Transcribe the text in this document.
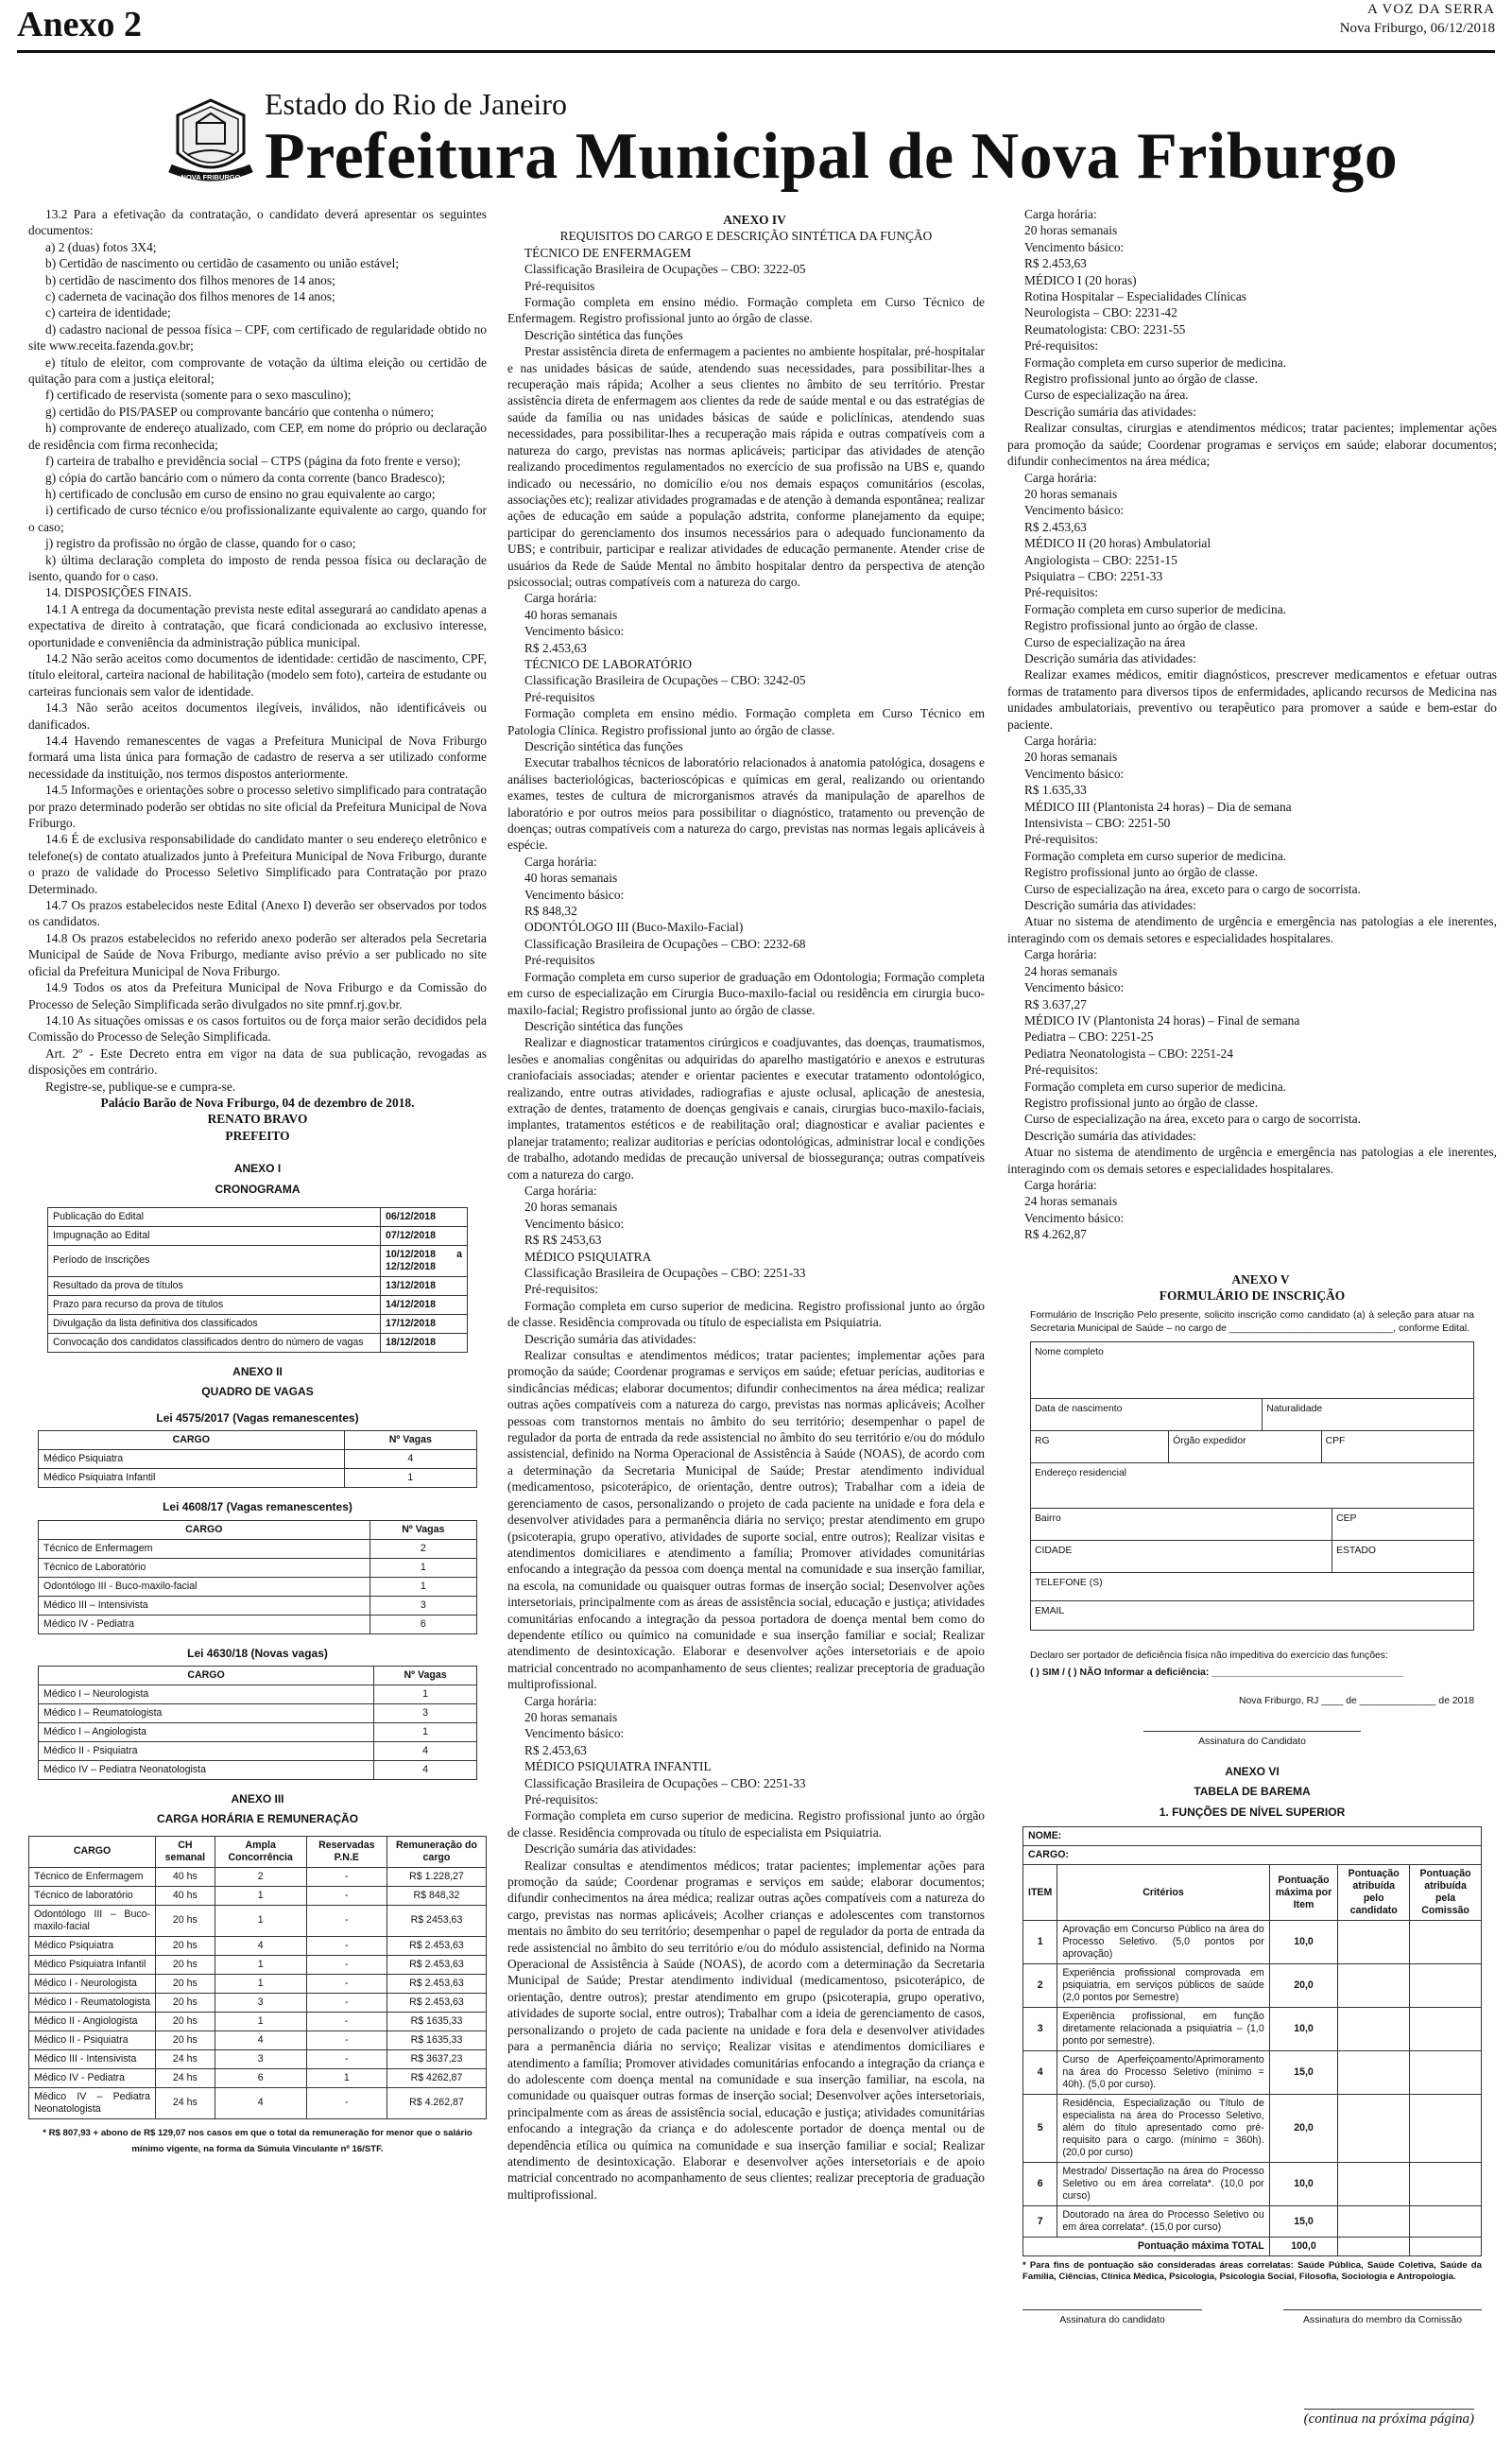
Anexo 2	A VOZ DA SERRA
Nova Friburgo, 06/12/2018
NOVA FRIBURGO
Estado do Rio de Janeiro
Prefeitura Municipal de Nova Friburgo

13.2 Para a efetivação da contratação, o candidato deverá apresentar os seguintes documentos:

a) 2 (duas) fotos 3X4;

b) Certidão de nascimento ou certidão de casamento ou união estável;

b) certidão de nascimento dos filhos menores de 14 anos;

c) caderneta de vacinação dos filhos menores de 14 anos;

c) carteira de identidade;

d) cadastro nacional de pessoa física – CPF, com certificado de regularidade obtido no site www.receita.fazenda.gov.br;

e) título de eleitor, com comprovante de votação da última eleição ou certidão de quitação para com a justiça eleitoral;

f) certificado de reservista (somente para o sexo masculino);

g) certidão do PIS/PASEP ou comprovante bancário que contenha o número;

h) comprovante de endereço atualizado, com CEP, em nome do próprio ou declaração de residência com firma reconhecida;

f) carteira de trabalho e previdência social – CTPS (página da foto frente e verso);

g) cópia do cartão bancário com o número da conta corrente (banco Bradesco);

h) certificado de conclusão em curso de ensino no grau equivalente ao cargo;

i) certificado de curso técnico e/ou profissionalizante equivalente ao cargo, quando for o caso;

j) registro da profissão no órgão de classe, quando for o caso;

k) última declaração completa do imposto de renda pessoa física ou declaração de isento, quando for o caso.

14. DISPOSIÇÕES FINAIS.

14.1 A entrega da documentação prevista neste edital assegurará ao candidato apenas a expectativa de direito à contratação, que ficará condicionada ao exclusivo interesse, oportunidade e conveniência da administração pública municipal.

14.2 Não serão aceitos como documentos de identidade: certidão de nascimento, CPF, título eleitoral, carteira nacional de habilitação (modelo sem foto), carteira de estudante ou carteiras funcionais sem valor de identidade.

14.3 Não serão aceitos documentos ilegíveis, inválidos, não identificáveis ou danificados.

14.4 Havendo remanescentes de vagas a Prefeitura Municipal de Nova Friburgo formará uma lista única para formação de cadastro de reserva a ser utilizado conforme necessidade da instituição, nos termos dispostos anteriormente.

14.5 Informações e orientações sobre o processo seletivo simplificado para contratação por prazo determinado poderão ser obtidas no site oficial da Prefeitura Municipal de Nova Friburgo.

14.6 É de exclusiva responsabilidade do candidato manter o seu endereço eletrônico e telefone(s) de contato atualizados junto à Prefeitura Municipal de Nova Friburgo, durante o prazo de validade do Processo Seletivo Simplificado para Contratação por prazo Determinado.

14.7 Os prazos estabelecidos neste Edital (Anexo I) deverão ser observados por todos os candidatos.

14.8 Os prazos estabelecidos no referido anexo poderão ser alterados pela Secretaria Municipal de Saúde de Nova Friburgo, mediante aviso prévio a ser publicado no site oficial da Prefeitura Municipal de Nova Friburgo.

14.9 Todos os atos da Prefeitura Municipal de Nova Friburgo e da Comissão do Processo de Seleção Simplificada serão divulgados no site pmnf.rj.gov.br.

14.10 As situações omissas e os casos fortuitos ou de força maior serão decididos pela Comissão do Processo de Seleção Simplificada.

Art. 2º - Este Decreto entra em vigor na data de sua publicação, revogadas as disposições em contrário.

Registre-se, publique-se e cumpra-se.

Palácio Barão de Nova Friburgo, 04 de dezembro de 2018.

RENATO BRAVO

PREFEITO

ANEXO I
CRONOGRAMA
Publicação do Edital	06/12/2018
Impugnação ao Edital	07/12/2018
Período de Inscrições	10/12/2018 a 12/12/2018
Resultado da prova de títulos	13/12/2018
Prazo para recurso da prova de títulos	14/12/2018
Divulgação da lista definitiva dos classificados	17/12/2018
Convocação dos candidatos classificados dentro do número de vagas	18/12/2018
ANEXO II
QUADRO DE VAGAS
Lei 4575/2017 (Vagas remanescentes)
CARGO	Nº Vagas
Médico Psiquiatra	4
Médico Psiquiatra Infantil	1
Lei 4608/17 (Vagas remanescentes)
CARGO	Nº Vagas
Técnico de Enfermagem	2
Técnico de Laboratório	1
Odontólogo III - Buco-maxilo-facial	1
Médico III – Intensivista	3
Médico IV - Pediatra	6
Lei 4630/18 (Novas vagas)
CARGO	Nº Vagas
Médico I – Neurologista	1
Médico I – Reumatologista	3
Médico I – Angiologista	1
Médico II - Psiquiatra	4
Médico IV – Pediatra Neonatologista	4
ANEXO III
CARGA HORÁRIA E REMUNERAÇÃO
CARGO	CH semanal	Ampla Concorrência	Reservadas P.N.E	Remuneração do cargo
Técnico de Enfermagem	40 hs	2	-	R$ 1.228,27
Técnico de laboratório	40 hs	1	-	R$ 848,32
Odontólogo III – Buco-maxilo-facial	20 hs	1	-	R$ 2453,63
Médico Psiquiatra	20 hs	4	-	R$ 2.453,63
Médico Psiquiatra Infantil	20 hs	1	-	R$ 2.453,63
Médico I - Neurologista	20 hs	1	-	R$ 2.453,63
Médico I - Reumatologista	20 hs	3	-	R$ 2.453,63
Médico II - Angiologista	20 hs	1	-	R$ 1635,33
Médico II - Psiquiatra	20 hs	4	-	R$ 1635,33
Médico III - Intensivista	24 hs	3	-	R$ 3637,23
Médico IV - Pediatra	24 hs	6	1	R$ 4262,87
Médico IV – Pediatra Neonatologista	24 hs	4	-	R$ 4.262,87

* R$ 807,93 + abono de R$ 129,07 nos casos em que o total da remuneração for menor que o salário mínimo vigente, na forma da Súmula Vinculante nº 16/STF.

ANEXO IV

REQUISITOS DO CARGO E DESCRIÇÃO SINTÉTICA DA FUNÇÃO

TÉCNICO DE ENFERMAGEM

Classificação Brasileira de Ocupações – CBO: 3222-05

Pré-requisitos

Formação completa em ensino médio. Formação completa em Curso Técnico de Enfermagem. Registro profissional junto ao órgão de classe.

Descrição sintética das funções

Prestar assistência direta de enfermagem a pacientes no ambiente hospitalar, pré-hospitalar e nas unidades básicas de saúde, atendendo suas necessidades, para possibilitar-lhes a recuperação mais rápida; Acolher a seus clientes no âmbito de seu território. Prestar assistência direta de enfermagem aos clientes da rede de saúde mental e ou das estratégias de saúde da família ou nas unidades básicas de saúde e policlínicas, atendendo suas necessidades, para possibilitar-lhes a recuperação mais rápida e outras compatíveis com a natureza do cargo, previstas nas normas aplicáveis; participar das atividades de atenção realizando procedimentos regulamentados no exercício de sua profissão na UBS e, quando indicado ou necessário, no domicílio e/ou nos demais espaços comunitários (escolas, associações etc); realizar atividades programadas e de atenção à demanda espontânea; realizar ações de educação em saúde a população adstrita, conforme planejamento da equipe; participar do gerenciamento dos insumos necessários para o adequado funcionamento da UBS; e contribuir, participar e realizar atividades de educação permanente. Atender crise de usuários da Rede de Saúde Mental no âmbito hospitalar dentro da perspectiva de atenção psicossocial; outras compatíveis com a natureza do cargo.

Carga horária:

40 horas semanais

Vencimento básico:

R$ 2.453,63

TÉCNICO DE LABORATÓRIO

Classificação Brasileira de Ocupações – CBO: 3242-05

Pré-requisitos

Formação completa em ensino médio. Formação completa em Curso Técnico em Patologia Clínica. Registro profissional junto ao órgão de classe.

Descrição sintética das funções

Executar trabalhos técnicos de laboratório relacionados à anatomia patológica, dosagens e análises bacteriológicas, bacterioscópicas e químicas em geral, realizando ou orientando exames, testes de cultura de microrganismos através da manipulação de aparelhos de laboratório e por outros meios para possibilitar o diagnóstico, tratamento ou prevenção de doenças; outras compatíveis com a natureza do cargo, previstas nas normas legais aplicáveis à espécie.

Carga horária:

40 horas semanais

Vencimento básico:

R$ 848,32

ODONTÓLOGO III (Buco-Maxilo-Facial)

Classificação Brasileira de Ocupações – CBO: 2232-68

Pré-requisitos

Formação completa em curso superior de graduação em Odontologia; Formação completa em curso de especialização em Cirurgia Buco-maxilo-facial ou residência em cirurgia buco-maxilo-facial; Registro profissional junto ao órgão de classe.

Descrição sintética das funções

Realizar e diagnosticar tratamentos cirúrgicos e coadjuvantes, das doenças, traumatismos, lesões e anomalias congênitas ou adquiridas do aparelho mastigatório e anexos e estruturas craniofaciais associadas; atender e orientar pacientes e executar tratamento odontológico, realizando, entre outras atividades, radiografias e ajuste oclusal, aplicação de anestesia, extração de dentes, tratamento de doenças gengivais e canais, cirurgias buco-maxilo-faciais, implantes, tratamentos estéticos e de reabilitação oral; diagnosticar e avaliar pacientes e planejar tratamento; realizar auditorias e perícias odontológicas, administrar local e condições de trabalho, adotando medidas de precaução universal de biossegurança; outras compatíveis com a natureza do cargo.

Carga horária:

20 horas semanais

Vencimento básico:

R$ R$ 2453,63

MÉDICO PSIQUIATRA

Classificação Brasileira de Ocupações – CBO: 2251-33

Pré-requisitos:

Formação completa em curso superior de medicina. Registro profissional junto ao órgão de classe. Residência comprovada ou título de especialista em Psiquiatria.

Descrição sumária das atividades:

Realizar consultas e atendimentos médicos; tratar pacientes; implementar ações para promoção da saúde; Coordenar programas e serviços em saúde; efetuar perícias, auditorias e sindicâncias médicas; elaborar documentos; difundir conhecimentos na área médica; realizar outras ações compatíveis com a natureza do cargo, previstas nas normas aplicáveis; Acolher pessoas com transtornos mentais no âmbito do seu território; desempenhar o papel de regulador da porta de entrada da rede assistencial no âmbito do seu território e/ou do módulo assistencial, definido na Norma Operacional de Assistência à Saúde (NOAS), de acordo com a determinação da Secretaria Municipal de Saúde; Prestar atendimento individual (medicamentoso, psicoterápico, de orientação, dentre outros); Trabalhar com a ideia de gerenciamento de casos, personalizando o projeto de cada paciente na unidade e fora dela e desenvolver atividades para a permanência diária no serviço; prestar atendimento em grupo (psicoterapia, grupo operativo, atividades de suporte social, entre outros); Realizar visitas e atendimentos domiciliares e atendimento a família; Promover atividades comunitárias enfocando a integração da pessoa com doença mental na comunidade e sua inserção familiar, na escola, na comunidade ou quaisquer outras formas de inserção social; Desenvolver ações intersetoriais, principalmente com as áreas de assistência social, educação e justiça; atividades comunitárias enfocando a integração da pessoa portadora de doença mental bem como do dependente etílico ou químico na comunidade e sua inserção familiar e social; Realizar atendimento de desintoxicação. Elaborar e desenvolver ações intersetoriais e de apoio matricial concentrado no acompanhamento de seus clientes; realizar preceptoria de graduação multiprofissional.

Carga horária:

20 horas semanais

Vencimento básico:

R$ 2.453,63

MÉDICO PSIQUIATRA INFANTIL

Classificação Brasileira de Ocupações – CBO: 2251-33

Pré-requisitos:

Formação completa em curso superior de medicina. Registro profissional junto ao órgão de classe. Residência comprovada ou título de especialista em Psiquiatria.

Descrição sumária das atividades:

Realizar consultas e atendimentos médicos; tratar pacientes; implementar ações para promoção da saúde; Coordenar programas e serviços em saúde; elaborar documentos; difundir conhecimentos na área médica; realizar outras ações compatíveis com a natureza do cargo, previstas nas normas aplicáveis; Acolher crianças e adolescentes com transtornos mentais no âmbito do seu território; desempenhar o papel de regulador da porta de entrada da rede assistencial no âmbito do seu território e/ou do módulo assistencial, definido na Norma Operacional de Assistência à Saúde (NOAS), de acordo com a determinação da Secretaria Municipal de Saúde; Prestar atendimento individual (medicamentoso, psicoterápico, de orientação, dentre outros); prestar atendimento em grupo (psicoterapia, grupo operativo, atividades de suporte social, entre outros); Trabalhar com a ideia de gerenciamento de casos, personalizando o projeto de cada paciente na unidade e fora dela e desenvolver atividades para a permanência diária no serviço; Realizar visitas e atendimentos domiciliares e atendimento a família; Promover atividades comunitárias enfocando a integração da criança e do adolescente com doença mental na comunidade e sua inserção familiar, na escola, na comunidade ou quaisquer outras formas de inserção social; Desenvolver ações intersetoriais, principalmente com as áreas de assistência social, educação e justiça; atividades comunitárias enfocando a integração da criança e do adolescente portador de doença mental ou de dependência etílica ou química na comunidade e sua inserção familiar e social; Realizar atendimento de desintoxicação. Elaborar e desenvolver ações intersetoriais e de apoio matricial concentrado no acompanhamento de seus clientes; realizar preceptoria de graduação multiprofissional.

Carga horária:

20 horas semanais

Vencimento básico:

R$ 2.453,63

MÉDICO I (20 horas)

Rotina Hospitalar – Especialidades Clínicas

Neurologista – CBO: 2231-42

Reumatologista: CBO: 2231-55

Pré-requisitos:

Formação completa em curso superior de medicina.

Registro profissional junto ao órgão de classe.

Curso de especialização na área.

Descrição sumária das atividades:

Realizar consultas, cirurgias e atendimentos médicos; tratar pacientes; implementar ações para promoção da saúde; Coordenar programas e serviços em saúde; elaborar documentos; difundir conhecimentos na área médica;

Carga horária:

20 horas semanais

Vencimento básico:

R$ 2.453,63

MÉDICO II (20 horas) Ambulatorial

Angiologista – CBO: 2251-15

Psiquiatra – CBO: 2251-33

Pré-requisitos:

Formação completa em curso superior de medicina.

Registro profissional junto ao órgão de classe.

Curso de especialização na área

Descrição sumária das atividades:

Realizar exames médicos, emitir diagnósticos, prescrever medicamentos e efetuar outras formas de tratamento para diversos tipos de enfermidades, aplicando recursos de Medicina nas unidades ambulatoriais, preventivo ou terapêutico para promover a saúde e bem-estar do paciente.

Carga horária:

20 horas semanais

Vencimento básico:

R$ 1.635,33

MÉDICO III (Plantonista 24 horas) – Dia de semana

Intensivista – CBO: 2251-50

Pré-requisitos:

Formação completa em curso superior de medicina.

Registro profissional junto ao órgão de classe.

Curso de especialização na área, exceto para o cargo de socorrista.

Descrição sumária das atividades:

Atuar no sistema de atendimento de urgência e emergência nas patologias a ele inerentes, interagindo com os demais setores e especialidades hospitalares.

Carga horária:

24 horas semanais

Vencimento básico:

R$ 3.637,27

MÉDICO IV (Plantonista 24 horas) – Final de semana

Pediatra – CBO: 2251-25

Pediatra Neonatologista – CBO: 2251-24

Pré-requisitos:

Formação completa em curso superior de medicina.

Registro profissional junto ao órgão de classe.

Curso de especialização na área, exceto para o cargo de socorrista.

Descrição sumária das atividades:

Atuar no sistema de atendimento de urgência e emergência nas patologias a ele inerentes, interagindo com os demais setores e especialidades hospitalares.

Carga horária:

24 horas semanais

Vencimento básico:

R$ 4.262,87

ANEXO V

FORMULÁRIO DE INSCRIÇÃO

Formulário de Inscrição Pelo presente, solicito inscrição como candidato (a) à seleção para atuar na Secretaria Municipal de Saúde – no cargo de ______________________________, conforme Edital.

Nome completo
Data de nascimento	Naturalidade
RG	Órgão expedidor	CPF
Endereço residencial
Bairro	CEP
CIDADE	ESTADO
TELEFONE (S)
EMAIL

Declaro ser portador de deficiência física não impeditiva do exercício das funções:

( ) SIM / ( ) NÃO Informar a deficiência: ___________________________________

Nova Friburgo, RJ ____ de ______________ de 2018

Assinatura do Candidato
ANEXO VI
TABELA DE BAREMA
1. FUNÇÕES DE NÍVEL SUPERIOR
NOME:				
CARGO:				
ITEM	Critérios	Pontuação máxima por Item	Pontuação atribuída pelo candidato	Pontuação atribuída pela Comissão
1	Aprovação em Concurso Público na área do Processo Seletivo. (5,0 pontos por aprovação)	10,0		
2	Experiência profissional comprovada em psiquiatria, em serviços públicos de saúde (2,0 pontos por Semestre)	20,0		
3	Experiência profissional, em função diretamente relacionada a psiquiatria – (1,0 ponto por semestre).	10,0		
4	Curso de Aperfeiçoamento/Aprimoramento na área do Processo Seletivo (mínimo = 40h). (5,0 por curso).	15,0		
5	Residência, Especialização ou Título de especialista na área do Processo Seletivo, além do título apresentado como pré-requisito para o cargo. (mínimo = 360h). (20,0 por curso)	20,0		
6	Mestrado/ Dissertação na área do Processo Seletivo ou em área correlata*. (10,0 por curso)	10,0		
7	Doutorado na área do Processo Seletivo ou em área correlata*. (15,0 por curso)	15,0		
Pontuação máxima TOTAL		100,0		

* Para fins de pontuação são consideradas áreas correlatas: Saúde Pública, Saúde Coletiva, Saúde da Família, Ciências, Clínica Médica, Psicologia, Psicologia Social, Filosofia, Sociologia e Antropologia.

Assinatura do candidato	Assinatura do membro da Comissão
(continua na próxima página)
